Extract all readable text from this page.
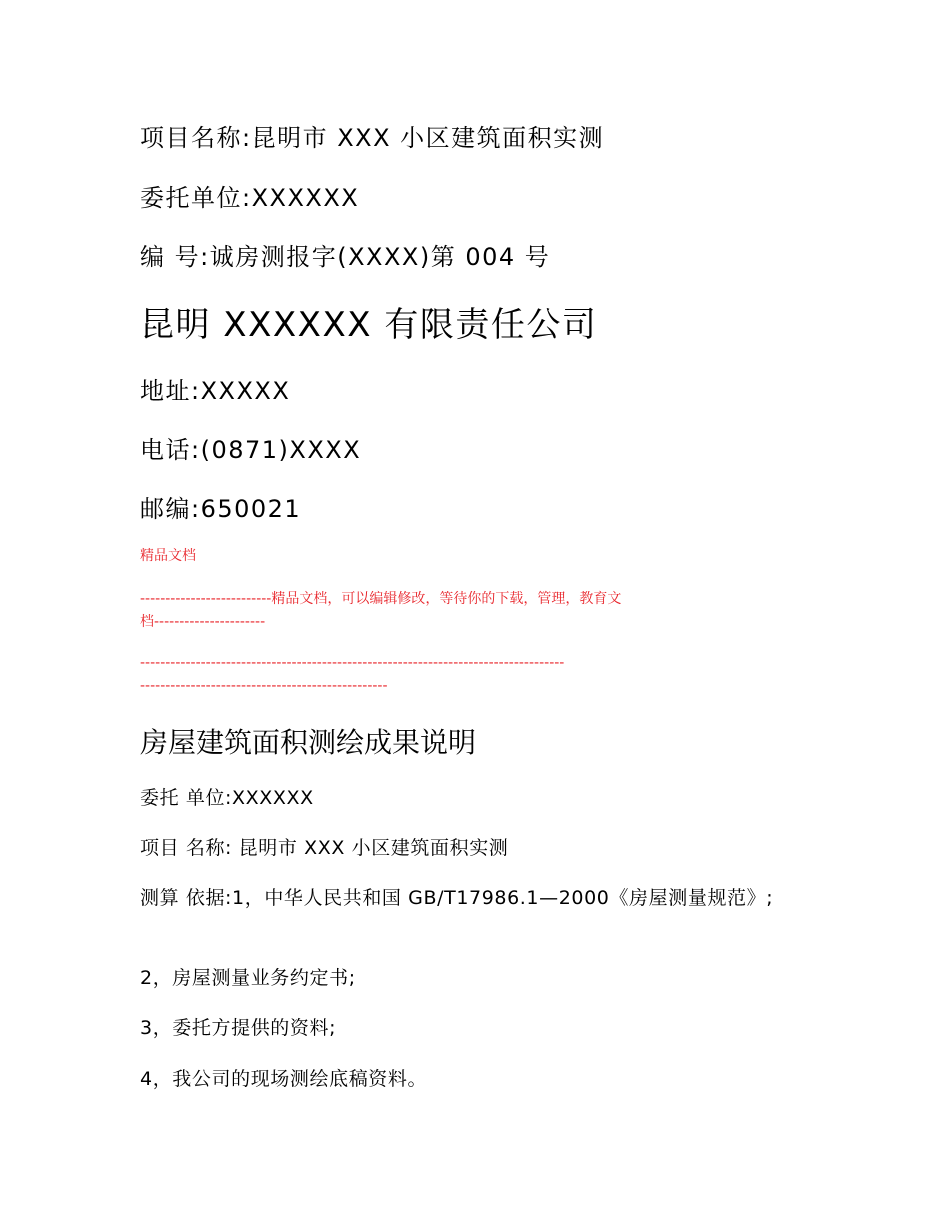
项目名称:昆明市 XXX 小区建筑面积实测

委托单位:XXXXXX

编 号:诚房测报字(XXXX)第 004 号

昆明 XXXXXX 有限责任公司

地址:XXXXX

电话:(0871)XXXX

邮编:650021

精品文档

--------------------------精品文档，可以编辑修改，等待你的下载，管理，教育文

档----------------------

------------------------------------------------------------------------------------

-------------------------------------------------

房屋建筑面积测绘成果说明

委托 单位:XXXXXX

项目 名称: 昆明市 XXX 小区建筑面积实测

测算 依据:1，中华人民共和国 GB/T17986.1—2000《房屋测量规范》;

2，房屋测量业务约定书;

3，委托方提供的资料;

4，我公司的现场测绘底稿资料。
